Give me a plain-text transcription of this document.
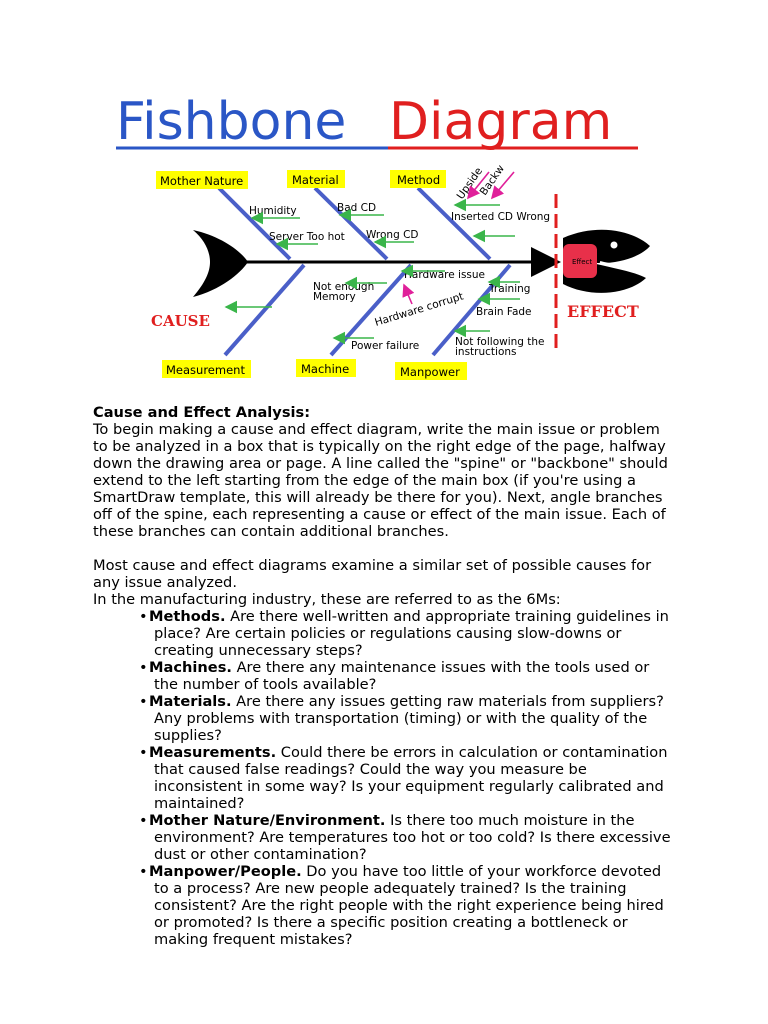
Fishbone Diagram
Effect
Mother Nature	Material	Method
Measurement	Machine	Manpower
Humidity
Server Too hot
Bad CD
Wrong CD
Inserted CD Wrong
Upside
Backw
Not enough
Memory
Hardware issue
Hardware corrupt
Power failure
Training
Brain Fade
Not following the
instructions
CAUSE	EFFECT

Cause and Effect Analysis:

To begin making a cause and effect diagram, write the main issue or problem to be analyzed in a box that is typically on the right edge of the page, halfway down the drawing area or page. A line called the "spine" or "backbone" should extend to the left starting from the edge of the main box (if you're using a SmartDraw template, this will already be there for you). Next, angle branches off of the spine, each representing a cause or effect of the main issue. Each of these branches can contain additional branches.

Most cause and effect diagrams examine a similar set of possible causes for any issue analyzed.

In the manufacturing industry, these are referred to as the 6Ms:

•Methods. Are there well-written and appropriate training guidelines in place? Are certain policies or regulations causing slow-downs or creating unnecessary steps?
•Machines. Are there any maintenance issues with the tools used or the number of tools available?
•Materials. Are there any issues getting raw materials from suppliers? Any problems with transportation (timing) or with the quality of the supplies?
•Measurements. Could there be errors in calculation or contamination that caused false readings? Could the way you measure be inconsistent in some way? Is your equipment regularly calibrated and maintained?
•Mother Nature/Environment. Is there too much moisture in the environment? Are temperatures too hot or too cold? Is there excessive dust or other contamination?
•Manpower/People. Do you have too little of your workforce devoted to a process? Are new people adequately trained? Is the training consistent? Are the right people with the right experience being hired or promoted? Is there a specific position creating a bottleneck or making frequent mistakes?
